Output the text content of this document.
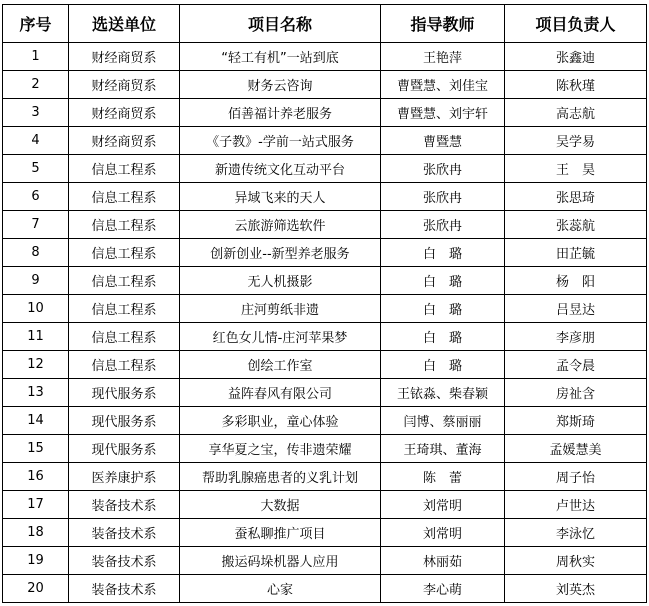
序号	选送单位	项目名称	指导教师	项目负责人
1	财经商贸系	“轻工有机”一站到底	王艳萍	张鑫迪
2	财经商贸系	财务云咨询	曹暨慧、刘佳宝	陈秋瑾
3	财经商贸系	佰善福计养老服务	曹暨慧、刘宇轩	高志航
4	财经商贸系	《子教》-学前一站式服务	曹暨慧	吴学易
5	信息工程系	新遗传统文化互动平台	张欣冉	王　昊
6	信息工程系	异域飞来的天人	张欣冉	张思琦
7	信息工程系	云旅游筛选软件	张欣冉	张蕊航
8	信息工程系	创新创业--新型养老服务	白　璐	田芷毓
9	信息工程系	无人机摄影	白　璐	杨　阳
10	信息工程系	庄河剪纸非遗	白　璐	吕昱达
11	信息工程系	红色女儿情-庄河苹果梦	白　璐	李彦朋
12	信息工程系	创绘工作室	白　璐	孟令晨
13	现代服务系	益阵春风有限公司	王铱淼、柴春颖	房祉含
14	现代服务系	多彩职业，童心体验	闫博、蔡丽丽	郑斯琦
15	现代服务系	享华夏之宝，传非遗荣耀	王琦琪、董海	孟媛慧美
16	医养康护系	帮助乳腺癌患者的义乳计划	陈　蕾	周子怡
17	装备技术系	大数据	刘常明	卢世达
18	装备技术系	蚕私聊推广项目	刘常明	李泳忆
19	装备技术系	搬运码垛机器人应用	林丽茹	周秋实
20	装备技术系	心家	李心萌	刘英杰
